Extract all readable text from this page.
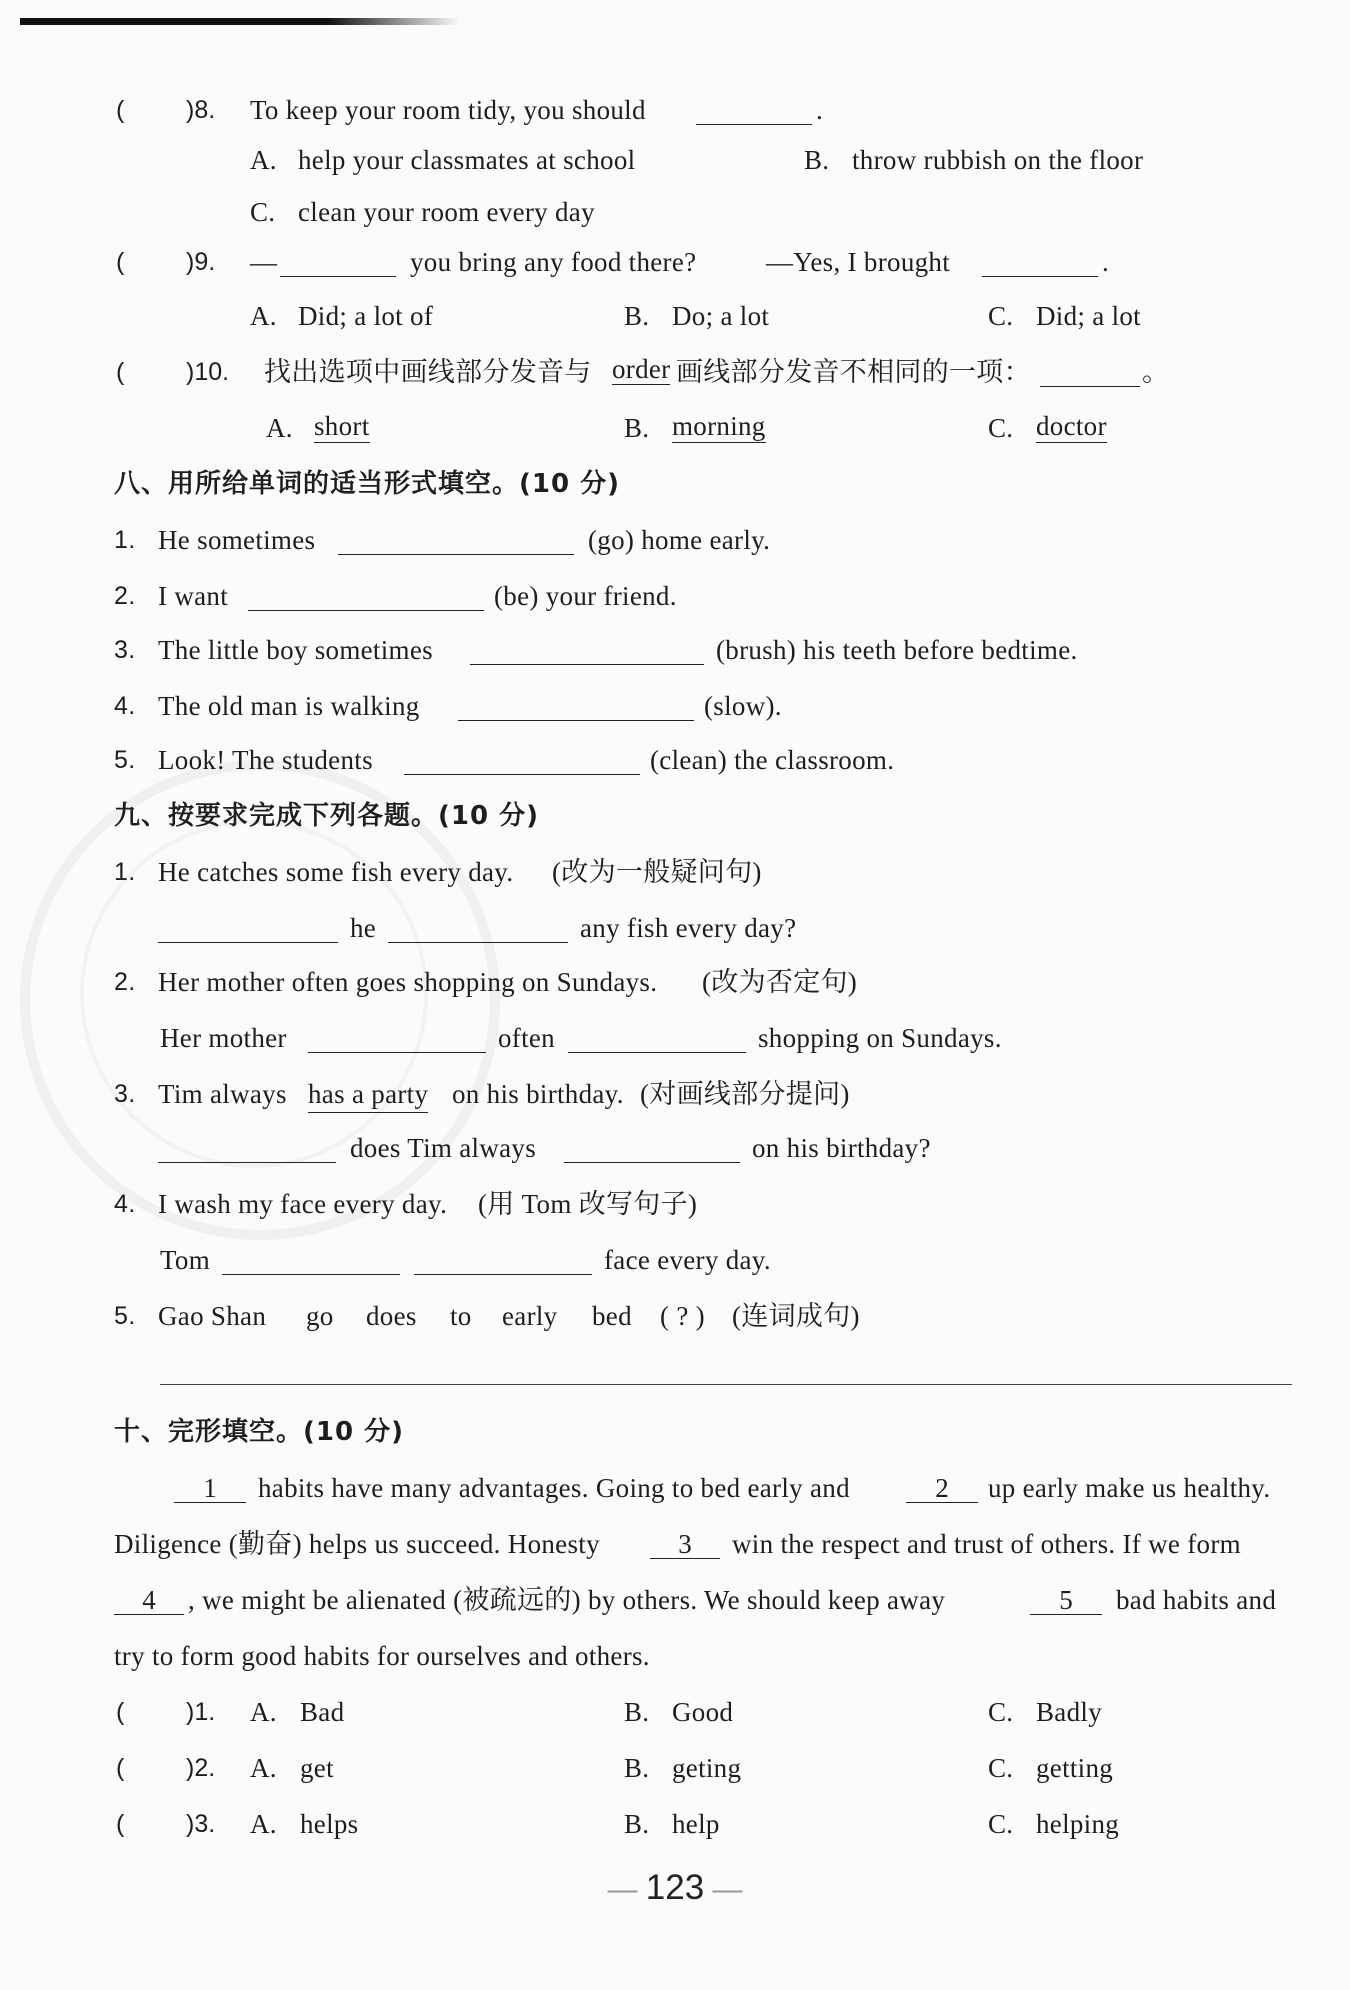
( )8. To keep your room tidy, you should	.
A. help your classmates at school	B. throw rubbish on the floor
C. clean your room every day
( )9. —	you bring any food there?	—Yes, I brought	.
A. Did; a lot of	B. Do; a lot	C. Did; a lot
( )10. 找出选项中画线部分发音与 order 画线部分发音不相同的一项：	。
A. short	B. morning	C. doctor
八、用所给单词的适当形式填空。(10 分)
1. He sometimes	(go) home early.
2. I want	(be) your friend.
3. The little boy sometimes	(brush) his teeth before bedtime.
4. The old man is walking	(slow).
5. Look! The students	(clean) the classroom.
九、按要求完成下列各题。(10 分)
1. He catches some fish every day. (改为一般疑问句)
he	any fish every day?
2. Her mother often goes shopping on Sundays. (改为否定句)
Her mother	often	shopping on Sundays.
3. Tim always has a party on his birthday. (对画线部分提问)
does Tim always	on his birthday?
4. I wash my face every day. (用 Tom 改写句子)
Tom	face every day.
5. Gao Shan go does to early bed ( ? ) (连词成句)
十、完形填空。(10 分)
1	habits have many advantages. Going to bed early and	2	up early make us healthy.
Diligence (勤奋) helps us succeed. Honesty	3	win the respect and trust of others. If we form
4	, we might be alienated (被疏远的) by others. We should keep away	5	bad habits and
try to form good habits for ourselves and others.
( )1. A. Bad	B. Good	C. Badly
( )2. A. get	B. geting	C. getting
( )3. A. helps	B. help	C. helping
— 123 —
